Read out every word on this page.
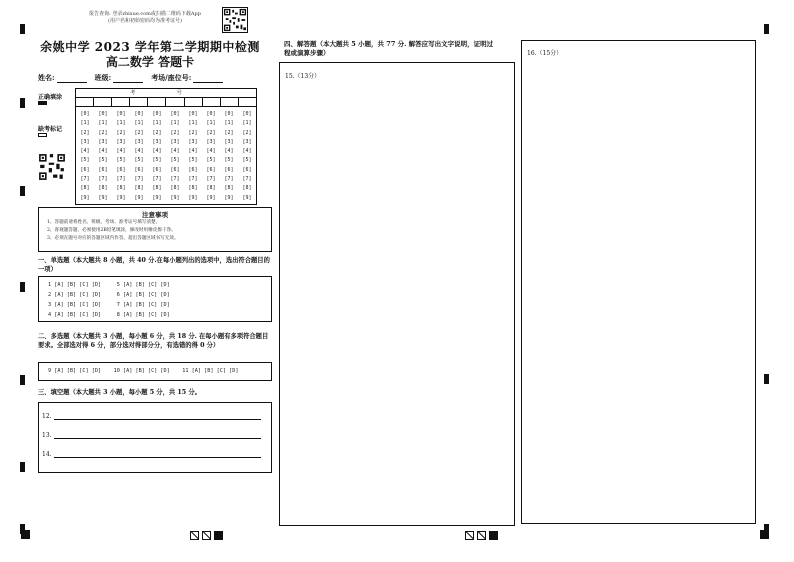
报告查询: 登录zhixue.com或扫描二维码下载App
(用户名和初始密码均为准考证号)
余姚中学 2023 学年第二学期期中检测
高二数学 答题卡
姓名:	班级:	考场/座位号:
正确填涂
缺考标记
考 号
[0]
[1]
[2]
[3]
[4]
[5]
[6]
[7]
[8]
[9]
[0]
[1]
[2]
[3]
[4]
[5]
[6]
[7]
[8]
[9]
[0]
[1]
[2]
[3]
[4]
[5]
[6]
[7]
[8]
[9]
[0]
[1]
[2]
[3]
[4]
[5]
[6]
[7]
[8]
[9]
[0]
[1]
[2]
[3]
[4]
[5]
[6]
[7]
[8]
[9]
[0]
[1]
[2]
[3]
[4]
[5]
[6]
[7]
[8]
[9]
[0]
[1]
[2]
[3]
[4]
[5]
[6]
[7]
[8]
[9]
[0]
[1]
[2]
[3]
[4]
[5]
[6]
[7]
[8]
[9]
[0]
[1]
[2]
[3]
[4]
[5]
[6]
[7]
[8]
[9]
[0]
[1]
[2]
[3]
[4]
[5]
[6]
[7]
[8]
[9]
注意事项
1、答题前请将姓名、班级、考场、准考证号填写清楚。
2、客观题答题，必须使用2B铅笔填涂，修改时用橡皮擦干净。
3、必须在题号对应的答题区域内作答，超出答题区域书写无效。
一、单选题（本大题共 8 小题，共 40 分.在每小题列出的选项中，选出符合题目的一项）
1 [A] [B] [C] [D]     5 [A] [B] [C] [D]
2 [A] [B] [C] [D]     6 [A] [B] [C] [D]
3 [A] [B] [C] [D]     7 [A] [B] [C] [D]
4 [A] [B] [C] [D]     8 [A] [B] [C] [D]
二、多选题（本大题共 3 小题，每小题 6 分，共 18 分. 在每小题有多项符合题目要求。全部选对得 6 分，部分选对得部分分，有选错的得 0 分）
9 [A] [B] [C] [D]    10 [A] [B] [C] [D]    11 [A] [B] [C] [D]
三、填空题（本大题共 3 小题，每小题 5 分，共 15 分。
12.
13.
14.
四、解答题（本大题共 5 小题，共 77 分. 解答应写出文字说明，证明过
程或演算步骤）
15.（13分）
16.（15分）
